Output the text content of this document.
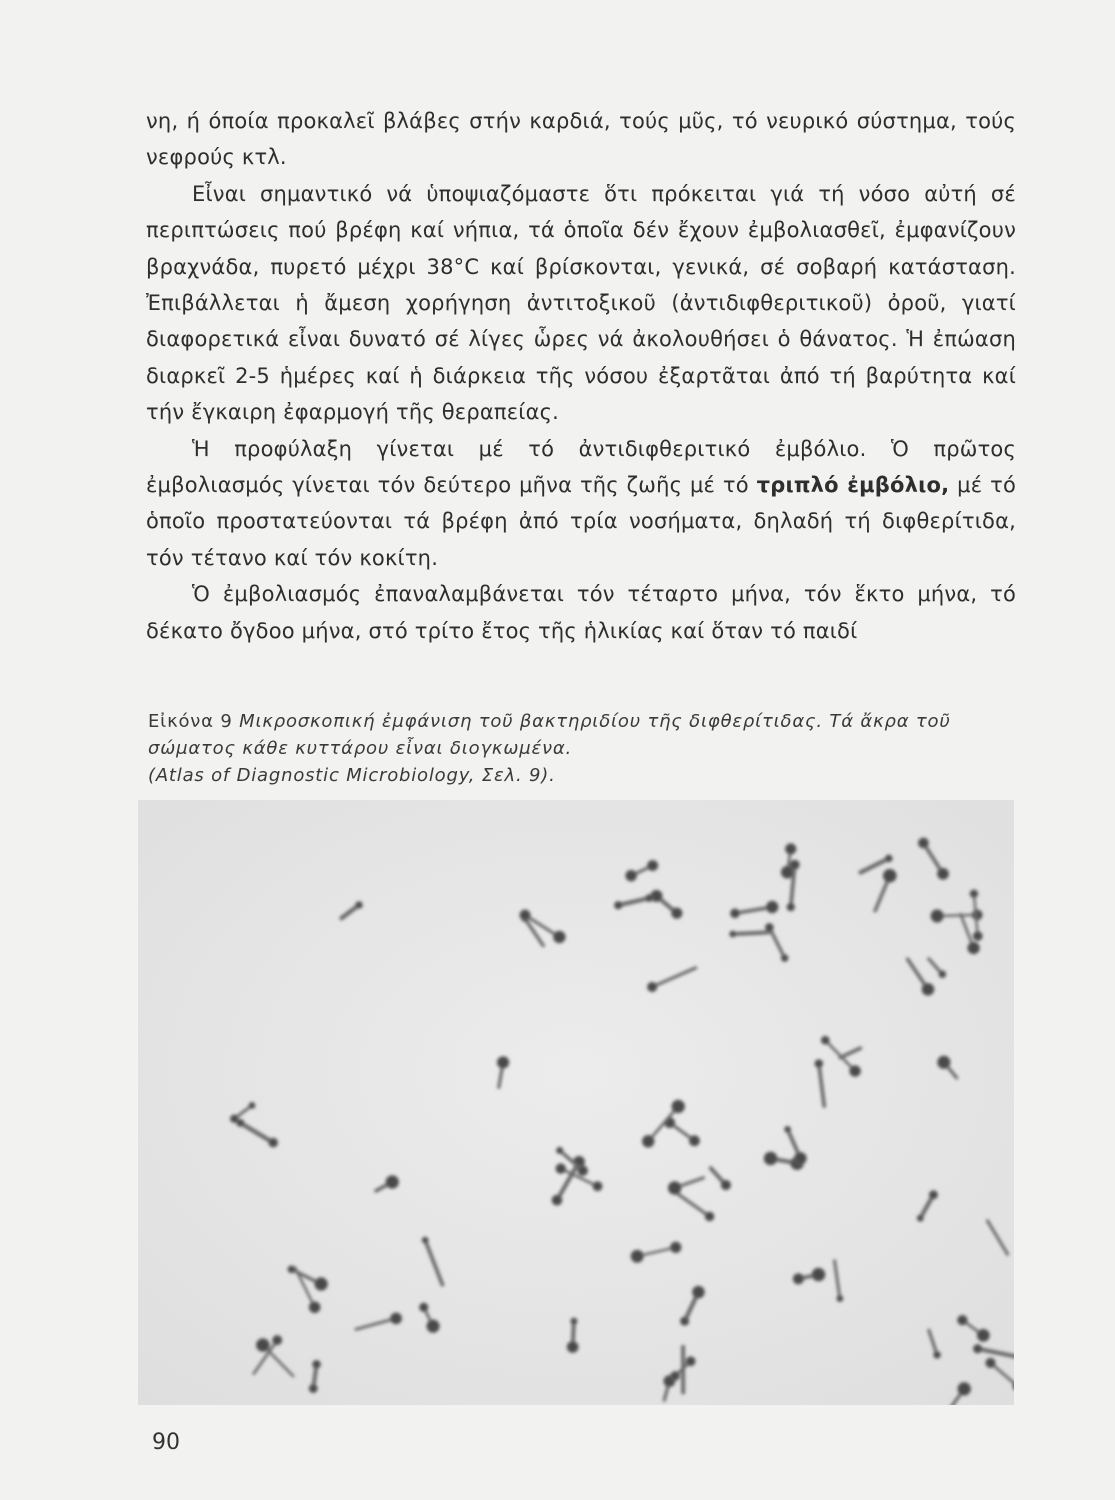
νη, ή όποία προκαλεῖ βλάβες στήν καρδιά, τούς μῦς, τό νευρικό σύστημα, τούς νεφρούς κτλ.

Εἶναι σημαντικό νά ὑποψιαζόμαστε ὅτι πρόκειται γιά τή νόσο αὐτή σέ περιπτώσεις πού βρέφη καί νήπια, τά ὁποῖα δέν ἔχουν ἐμβολιασθεῖ, ἐμφανίζουν βραχνάδα, πυρετό μέχρι 38°C καί βρίσκονται, γενικά, σέ σοβαρή κατάσταση. Ἐπιβάλλεται ἡ ἄμεση χορήγηση ἀντιτοξικοῦ (ἀντιδιφθεριτικοῦ) ὀροῦ, γιατί διαφορετικά εἶναι δυνατό σέ λίγες ὧρες νά ἀκολουθήσει ὁ θάνατος. Ἡ ἐπώαση διαρκεῖ 2-5 ἡμέρες καί ἡ διάρκεια τῆς νόσου ἐξαρτᾶται ἀπό τή βαρύτητα καί τήν ἔγκαιρη ἐφαρμογή τῆς θεραπείας.

Ἡ προφύλαξη γίνεται μέ τό ἀντιδιφθεριτικό ἐμβόλιο. Ὁ πρῶτος ἐμβολιασμός γίνεται τόν δεύτερο μῆνα τῆς ζωῆς μέ τό τριπλό ἐμβόλιο, μέ τό ὁποῖο προστατεύονται τά βρέφη ἀπό τρία νοσήματα, δηλαδή τή διφθερίτιδα, τόν τέτανο καί τόν κοκίτη.

Ὁ ἐμβολιασμός ἐπαναλαμβάνεται τόν τέταρτο μήνα, τόν ἕκτο μήνα, τό δέκατο ὄγδοο μήνα, στό τρίτο ἔτος τῆς ἡλικίας καί ὅταν τό παιδί

Εἰκόνα 9 Μικροσκοπική ἐμφάνιση τοῦ βακτηριδίου τῆς διφθερίτιδας. Τά ἄκρα τοῦ σώματος κάθε κυττάρου εἶναι διογκωμένα.
(Atlas of Diagnostic Microbiology, Σελ. 9).
90
